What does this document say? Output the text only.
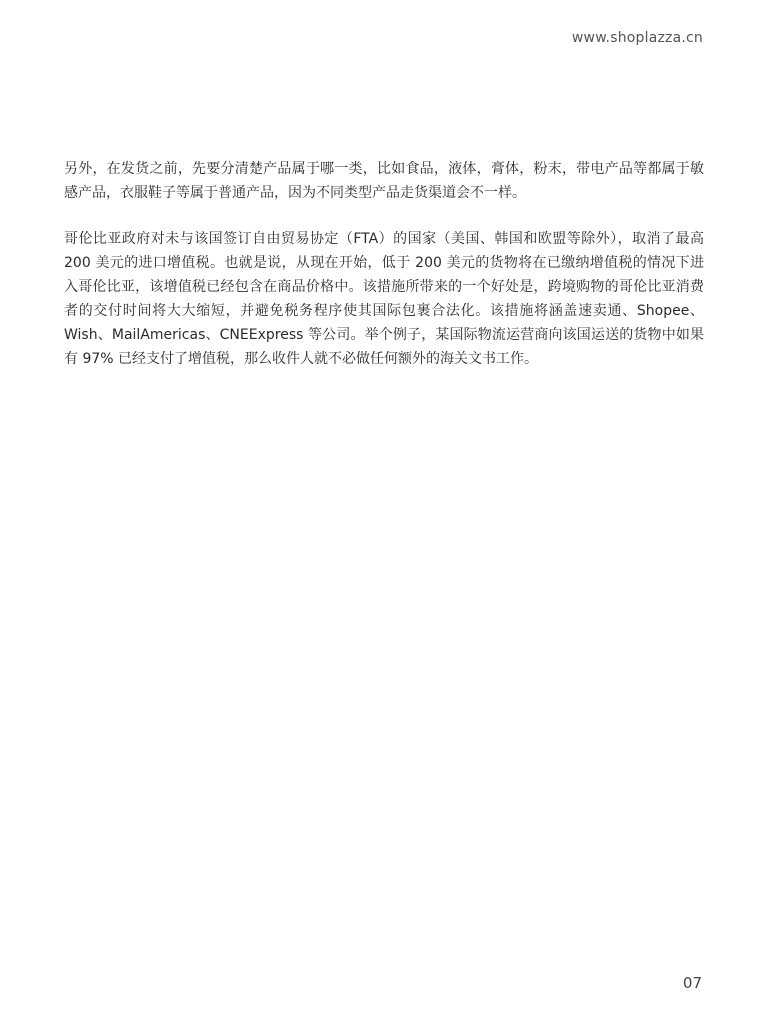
www.shoplazza.cn

另外，在发货之前，先要分清楚产品属于哪一类，比如食品，液体，膏体，粉末，带电产品等都属于敏感产品，衣服鞋子等属于普通产品，因为不同类型产品走货渠道会不一样。

哥伦比亚政府对未与该国签订自由贸易协定（FTA）的国家（美国、韩国和欧盟等除外），取消了最高 200 美元的进口增值税。也就是说，从现在开始，低于 200 美元的货物将在已缴纳增值税的情况下进入哥伦比亚，该增值税已经包含在商品价格中。该措施所带来的一个好处是，跨境购物的哥伦比亚消费者的交付时间将大大缩短，并避免税务程序使其国际包裹合法化。该措施将涵盖速卖通、Shopee、Wish、MailAmericas、CNEExpress 等公司。举个例子，某国际物流运营商向该国运送的货物中如果有 97% 已经支付了增值税，那么收件人就不必做任何额外的海关文书工作。

07
